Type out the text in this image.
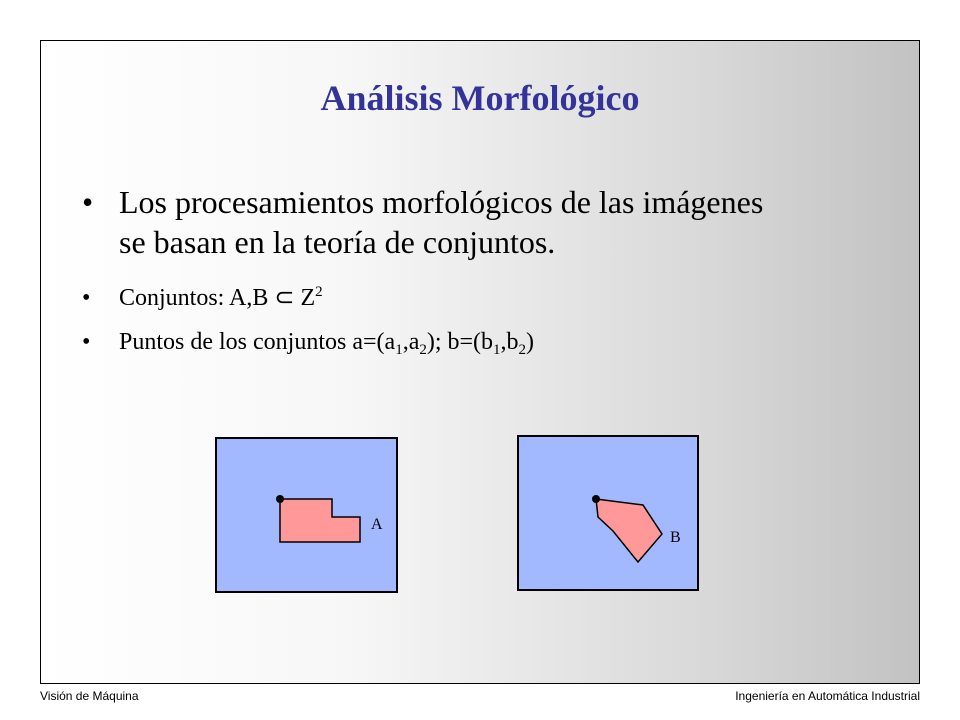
Análisis Morfológico
• Los procesamientos morfológicos de las imágenes
se basan en la teoría de conjuntos.
• Conjuntos: A,B ⊂ $Z^2$
• Puntos de los conjuntos $a=(a_1,a_2)$; $b=(b_1,b_2)$
A
B
Visión de Máquina	Ingeniería en Automática Industrial
